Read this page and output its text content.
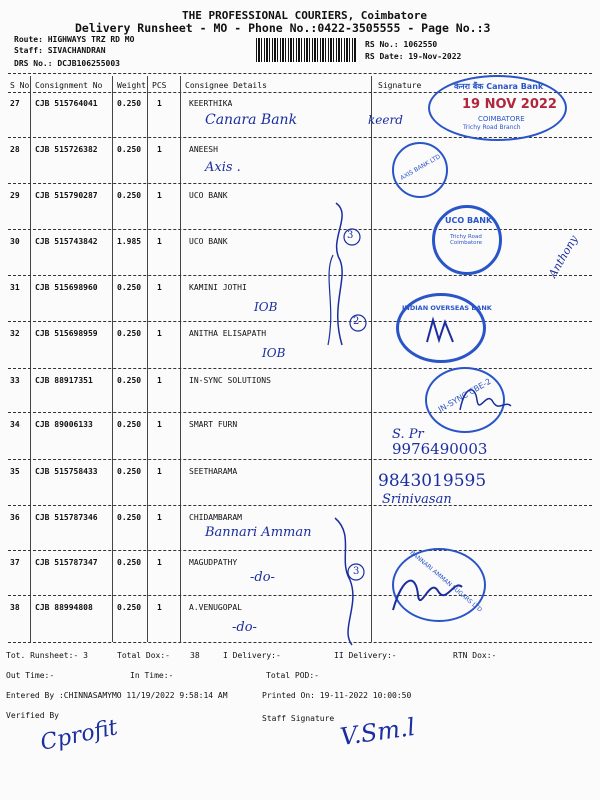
THE PROFESSIONAL COURIERS, Coimbatore
Delivery Runsheet - MO - Phone No.:0422-3505555 - Page No.:3
Route: HIGHWAYS TRZ RD MO
Staff: SIVACHANDRAN
DRS No.: DCJB106255003
RS No.: 1062550
RS Date: 19-Nov-2022
S No Consignment No Weight PCS Consignee Details	Signature
27 CJB 515764041 0.250 1	KEERTHIKA
28 CJB 515726382 0.250 1	ANEESH
29 CJB 515790287 0.250 1	UCO BANK
30 CJB 515743842 1.985 1	UCO BANK
31 CJB 515698960 0.250 1	KAMINI JOTHI
32 CJB 515698959 0.250 1	ANITHA ELISAPATH
33 CJB 88917351	0.250 1	IN-SYNC SOLUTIONS
34 CJB 89006133	0.250 1	SMART FURN
35 CJB 515758433 0.250 1	SEETHARAMA
36 CJB 515787346 0.250 1	CHIDAMBARAM
37 CJB 515787347 0.250 1	MAGUDPATHY
38 CJB 88994808	0.250 1	A.VENUGOPAL
Canara Bank	keerd
Axis .
IOB
IOB
Anthony
S. Pr
9976490003
9843019595
Srinivasan
Bannari Amman
-do-
-do-
3
2
3
केनरा बैंक Canara Bank
19 NOV 2022
COIMBATORE
Trichy Road Branch
AXIS BANK LTD
UCO BANK
Trichy Road Coimbatore
INDIAN OVERSEAS BANK
IN-SYNC CBE-2
BANNARI AMMAN SUGARS LTD
Tot. Runsheet:- 3	Total Dox:-	38	I Delivery:-	II Delivery:-	RTN Dox:-
Out Time:-	In Time:-	Total POD:-
Entered By :CHINNASAMYMO 11/19/2022 9:58:14 AM	Printed On: 19-11-2022 10:00:50
Verified By	Staff Signature
Cprofit	V.Sm.l
